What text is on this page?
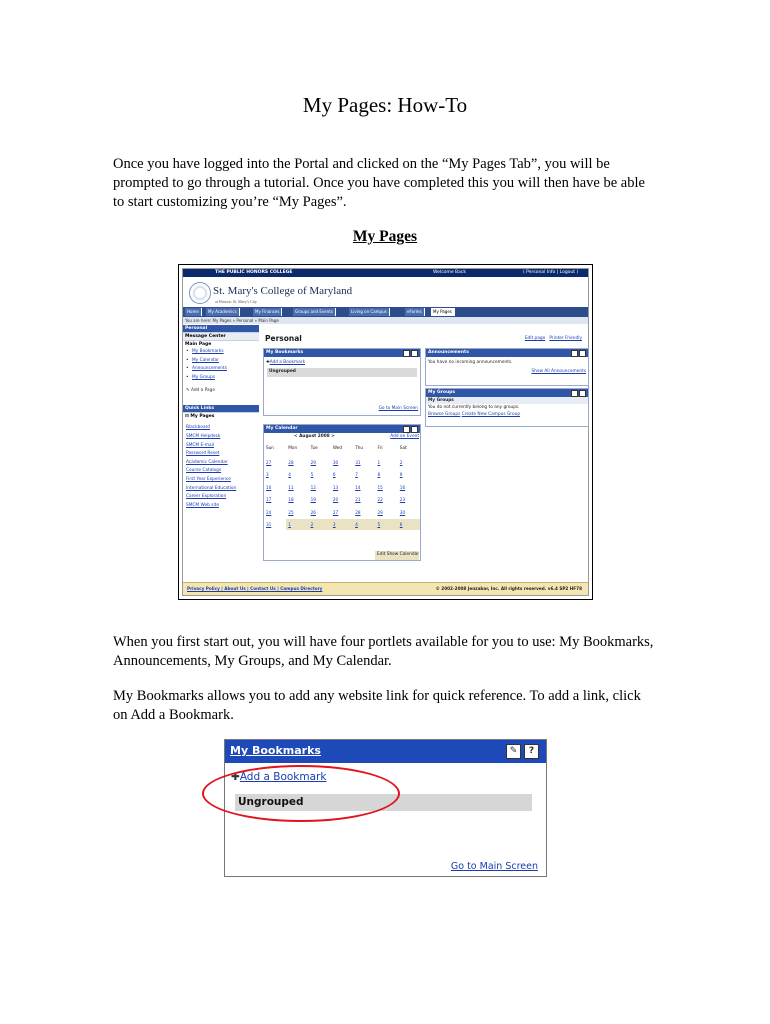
My Pages: How-To
Once you have logged into the Portal and clicked on the “My Pages Tab”, you will be prompted to go through a tutorial. Once you have completed this you will then have be able to start customizing you’re “My Pages”.
My Pages
THE PUBLIC HONORS COLLEGE	Welcome Back	( Personal Info | Logout )
St. Mary's College of Maryland
at Historic St. Mary's City
Home	My Academics	My Finances	Groups and Events	Living on Campus	eForms	My Pages
You are here: My Pages » Personal » Main Page
Personal
Message Center
Main Page
• My Bookmarks
• My Calendar
• Announcements
• My Groups
✎ Add a Page
Quick Links
⊟ My Pages
Blackboard
SMCM Helpdesk
SMCM E-mail
Password Reset
Academic Calendar
Course Catalogs
First Year Experience
International Education
Career Exploration
SMCM Web site
Personal	Edit page Printer Friendly
My Bookmarks
✚Add a Bookmark
Ungrouped
Go to Main Screen
Announcements
You have no incoming announcements.
Show All Announcements
My Groups
My Groups
You do not currently belong to any groups.
Browse Groups Create New Campus Group
My Calendar
< August 2008 >	Add an Event
Sun	Mon	Tue	Wed	Thu	Fri	Sat
27	28	29	30	31	1	2
3	4	5	6	7	8	9
10	11	12	13	14	15	16
17	18	19	20	21	22	23
24	25	26	27	28	29	30
31	1	2	3	4	5	6
Edit Show Calendar
Privacy Policy | About Us | Contact Us | Campus Directory	© 2002-2008 Jenzabar, Inc. All rights reserved. v6.4 SP2 HF78
When you first start out, you will have four portlets available for you to use: My Bookmarks, Announcements, My Groups, and My Calendar.
My Bookmarks allows you to add any website link for quick reference. To add a link, click on Add a Bookmark.
My Bookmarks	✎	?
✚Add a Bookmark
Ungrouped
Go to Main Screen
